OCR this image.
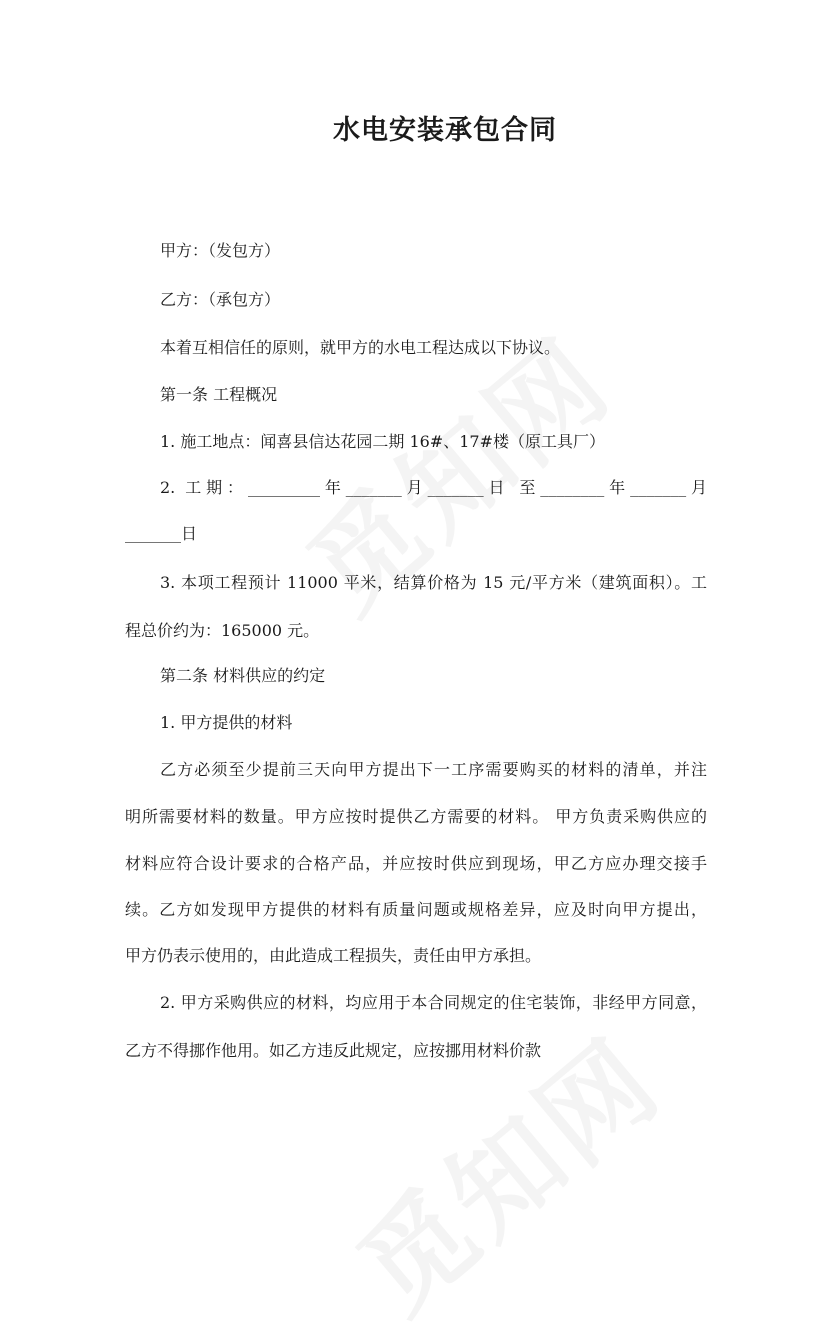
水电安装承包合同

甲方：（发包方）

乙方：（承包方）

本着互相信任的原则，就甲方的水电工程达成以下协议。

第一条 工程概况

1. 施工地点：闻喜县信达花园二期 16#、17#楼（原工具厂）

2. 工期：_________年_______月_______日 至________年_______月

_______日

3. 本项工程预计 11000 平米，结算价格为 15 元/平方米（建筑面积）。工

程总价约为：165000 元。

第二条 材料供应的约定

1. 甲方提供的材料

乙方必须至少提前三天向甲方提出下一工序需要购买的材料的清单，并注

明所需要材料的数量。甲方应按时提供乙方需要的材料。 甲方负责采购供应的

材料应符合设计要求的合格产品，并应按时供应到现场，甲乙方应办理交接手

续。乙方如发现甲方提供的材料有质量问题或规格差异，应及时向甲方提出，

甲方仍表示使用的，由此造成工程损失，责任由甲方承担。

2. 甲方采购供应的材料，均应用于本合同规定的住宅装饰，非经甲方同意，

乙方不得挪作他用。如乙方违反此规定，应按挪用材料价款
